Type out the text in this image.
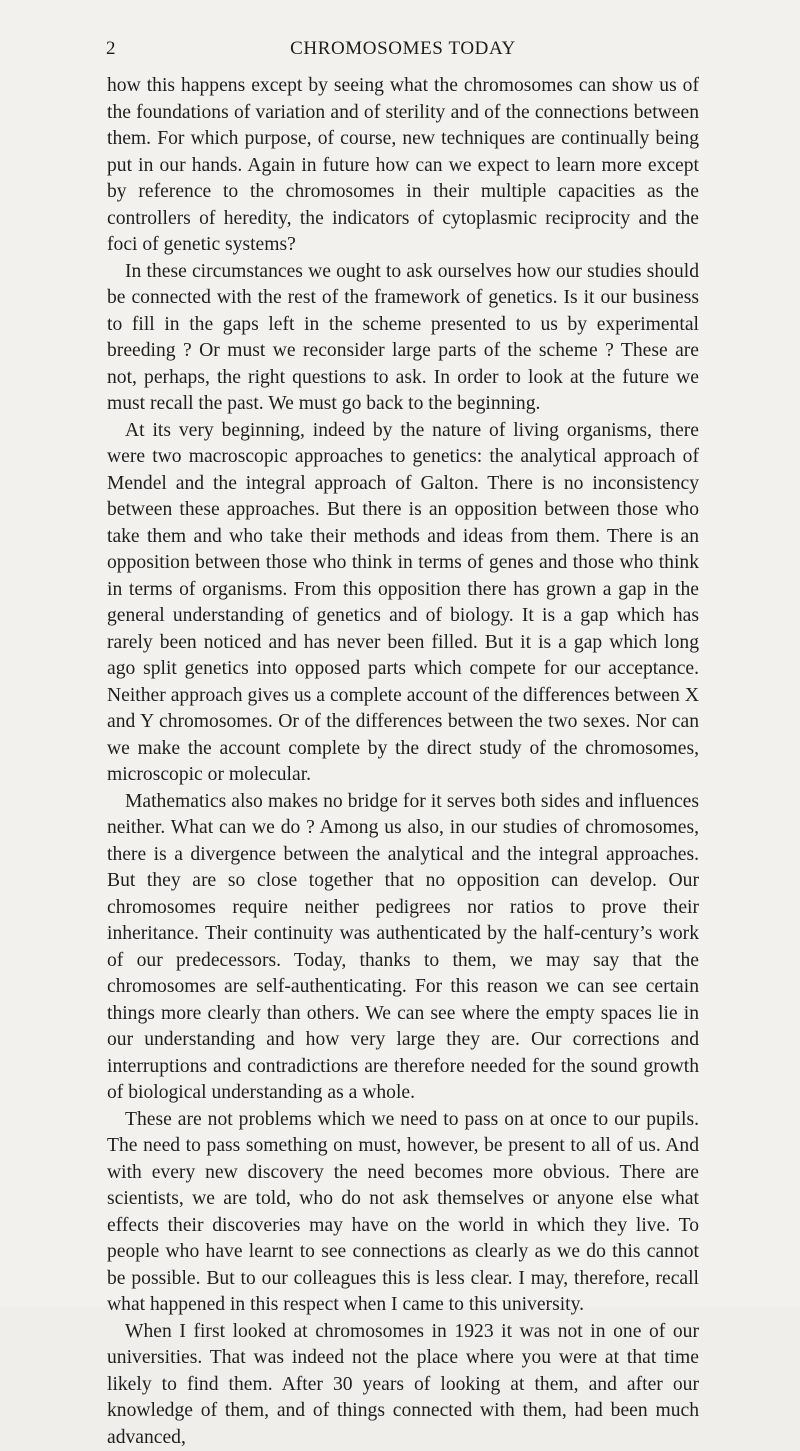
2	CHROMOSOMES TODAY

how this happens except by seeing what the chromosomes can show us of the foundations of variation and of sterility and of the connections between them. For which purpose, of course, new techniques are continually being put in our hands. Again in future how can we expect to learn more except by reference to the chromosomes in their multiple capacities as the controllers of heredity, the indicators of cytoplasmic reciprocity and the foci of genetic systems?

In these circumstances we ought to ask ourselves how our studies should be connected with the rest of the framework of genetics. Is it our business to fill in the gaps left in the scheme presented to us by experimental breeding ? Or must we reconsider large parts of the scheme ? These are not, perhaps, the right questions to ask. In order to look at the future we must recall the past. We must go back to the beginning.

At its very beginning, indeed by the nature of living organisms, there were two macroscopic approaches to genetics: the analytical approach of Mendel and the integral approach of Galton. There is no inconsistency between these approaches. But there is an opposition between those who take them and who take their methods and ideas from them. There is an opposition between those who think in terms of genes and those who think in terms of organisms. From this opposition there has grown a gap in the general understanding of genetics and of biology. It is a gap which has rarely been noticed and has never been filled. But it is a gap which long ago split genetics into opposed parts which compete for our acceptance. Neither approach gives us a complete account of the differences between X and Y chromosomes. Or of the differences between the two sexes. Nor can we make the account complete by the direct study of the chromosomes, microscopic or molecular.

Mathematics also makes no bridge for it serves both sides and influences neither. What can we do ? Among us also, in our studies of chromosomes, there is a divergence between the analytical and the integral approaches. But they are so close together that no opposition can develop. Our chromosomes require neither pedigrees nor ratios to prove their inheritance. Their continuity was authenticated by the half-century’s work of our predecessors. Today, thanks to them, we may say that the chromosomes are self-authenticating. For this reason we can see certain things more clearly than others. We can see where the empty spaces lie in our understanding and how very large they are. Our corrections and interruptions and contradictions are therefore needed for the sound growth of biological understanding as a whole.

These are not problems which we need to pass on at once to our pupils. The need to pass something on must, however, be present to all of us. And with every new discovery the need becomes more obvious. There are scientists, we are told, who do not ask themselves or anyone else what effects their discoveries may have on the world in which they live. To people who have learnt to see connections as clearly as we do this cannot be possible. But to our colleagues this is less clear. I may, therefore, recall what happened in this respect when I came to this university.

When I first looked at chromosomes in 1923 it was not in one of our universities. That was indeed not the place where you were at that time likely to find them. After 30 years of looking at them, and after our knowledge of them, and of things connected with them, had been much advanced,
